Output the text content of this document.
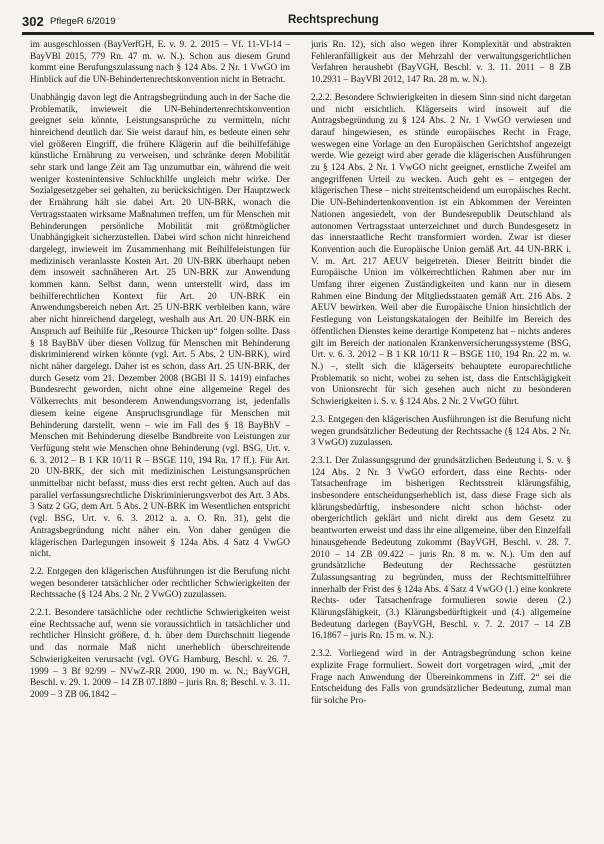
302 PflegeR 6/2019	Rechtsprechung

im ausgeschlossen (BayVerfGH, E. v. 9. 2. 2015 – Vf. 11-VI-14 – BayVBl 2015, 779 Rn. 47 m. w. N.). Schon aus diesem Grund kommt eine Berufungszulassung nach § 124 Abs. 2 Nr. 1 VwGO im Hinblick auf die UN-Behindertenrechtskonvention nicht in Betracht.

Unabhängig davon legt die Antragsbegründung auch in der Sache die Problematik, inwieweit die UN-Behindertenrechtskonvention geeignet sein könnte, Leistungsansprüche zu vermitteln, nicht hinreichend deutlich dar. Sie weist darauf hin, es bedeute einen sehr viel größeren Eingriff, die frühere Klägerin auf die beihilfefähige künstliche Ernährung zu verweisen, und schränke deren Mobilität sehr stark und lange Zeit am Tag unzumutbar ein, während die weit weniger kostenintensive Schluckhilfe ungleich mehr wirke. Der Sozialgesetzgeber sei gehalten, zu berücksichtigen. Der Hauptzweck der Ernährung hält sie dabei Art. 20 UN-BRK, wonach die Vertragsstaaten wirksame Maßnahmen treffen, um für Menschen mit Behinderungen persönliche Mobilität mit größtmöglicher Unabhängigkeit sicherzustellen. Dabei wird schon nicht hinreichend dargelegt, inwieweit im Zusammenhang mit Beihilfeleistungen für medizinisch veranlasste Kosten Art. 20 UN-BRK überhaupt neben dem insoweit sachnäheren Art. 25 UN-BRK zur Anwendung kommen kann. Selbst dann, wenn unterstellt wird, dass im beihilferechtlichen Kontext für Art. 20 UN-BRK ein Anwendungsbereich neben Art. 25 UN-BRK verbleiben kann, wäre aber nicht hinreichend dargelegt, weshalb aus Art. 20 UN-BRK ein Anspruch auf Beihilfe für „Resource Thicken up“ folgen sollte. Dass § 18 BayBhV über diesen Vollzug für Menschen mit Behinderung diskriminierend wirken könnte (vgl. Art. 5 Abs. 2 UN-BRK), wird nicht näher dargelegt. Daher ist es schon, dass Art. 25 UN-BRK, der durch Gesetz vom 21. Dezember 2008 (BGBl II S. 1419) einfaches Bundesrecht geworden, nicht ohne eine allgemeine Regel des Völkerrechts mit besonderem Anwendungsvorrang ist, jedenfalls diesem keine eigene Anspruchsgrundlage für Menschen mit Behinderung darstellt, wenn – wie im Fall des § 18 BayBhV – Menschen mit Behinderung dieselbe Bandbreite von Leistungen zur Verfügung steht wie Menschen ohne Behinderung (vgl. BSG, Urt. v. 6. 3. 2012 – B 1 KR 10/11 R – BSGE 110, 194 Rn. 17 ff.). Für Art. 20 UN-BRK, der sich mit medizinischen Leistungsansprüchen unmittelbar nicht befasst, muss dies erst recht gelten. Auch auf das parallel verfassungsrechtliche Diskriminierungsverbot des Art. 3 Abs. 3 Satz 2 GG, dem Art. 5 Abs. 2 UN-BRK im Wesentlichen entspricht (vgl. BSG, Urt. v. 6. 3. 2012 a. a. O. Rn. 31), geht die Antragsbegründung nicht näher ein. Von daher genügen die klägerischen Darlegungen insoweit § 124a Abs. 4 Satz 4 VwGO nicht.

2.2. Entgegen den klägerischen Ausführungen ist die Berufung nicht wegen besonderer tatsächlicher oder rechtlicher Schwierigkeiten der Rechtssache (§ 124 Abs. 2 Nr. 2 VwGO) zuzulassen.

2.2.1. Besondere tatsächliche oder rechtliche Schwierigkeiten weist eine Rechtssache auf, wenn sie voraussichtlich in tatsächlicher und rechtlicher Hinsicht größere, d. h. über dem Durchschnitt liegende und das normale Maß nicht unerheblich überschreitende Schwierigkeiten verursacht (vgl. OVG Hamburg, Beschl. v. 26. 7. 1999 – 3 Bf 92/99 – NVwZ-RR 2000, 190 m. w. N.; BayVGH, Beschl. v. 29. 1. 2009 – 14 ZB 07.1880 – juris Rn. 8; Beschl. v. 3. 11. 2009 – 3 ZB 06.1842 –

juris Rn. 12), sich also wegen ihrer Komplexität und abstrakten Fehleranfälligkeit aus der Mehrzahl der verwaltungsgerichtlichen Verfahren heraushebt (BayVGH, Beschl. v. 3. 11. 2011 – 8 ZB 10.2931 – BayVBl 2012, 147 Rn. 28 m. w. N.).

2.2.2. Besondere Schwierigkeiten in diesem Sinn sind nicht dargetan und nicht ersichtlich. Klägerseits wird insoweit auf die Antragsbegründung zu § 124 Abs. 2 Nr. 1 VwGO verwiesen und darauf hingewiesen, es stünde europäisches Recht in Frage, weswegen eine Vorlage an den Europäischen Gerichtshof angezeigt werde. Wie gezeigt wird aber gerade die klägerischen Ausführungen zu § 124 Abs. 2 Nr. 1 VwGO nicht geeignet, ernstliche Zweifel am angegriffenen Urteil zu wecken. Auch geht es – entgegen der klägerischen These – nicht streitentscheidend um europäisches Recht. Die UN-Behindertenkonvention ist ein Abkommen der Vereinten Nationen angesiedelt, von der Bundesrepublik Deutschland als autonomen Vertragsstaat unterzeichnet und durch Bundesgesetz in das innerstaatliche Recht transformiert worden. Zwar ist dieser Konvention auch die Europäische Union gemäß Art. 44 UN-BRK i. V. m. Art. 217 AEUV beigetreten. Dieser Beitritt bindet die Europäische Union im völkerrechtlichen Rahmen aber nur im Umfang ihrer eigenen Zuständigkeiten und kann nur in diesem Rahmen eine Bindung der Mitgliedsstaaten gemäß Art. 216 Abs. 2 AEUV bewirken. Weil aber die Europäische Union hinsichtlich der Festlegung von Leistungskatalogen der Beihilfe im Bereich des öffentlichen Dienstes keine derartige Kompetenz hat – nichts anderes gilt im Bereich der nationalen Krankenversicherungssysteme (BSG, Urt. v. 6. 3. 2012 – B 1 KR 10/11 R – BSGE 110, 194 Rn. 22 m. w. N.) –, stellt sich die klägerseits behauptete europarechtliche Problematik so nicht, wobei zu sehen ist, dass die Entschlägigkeit von Unionsrecht für sich gesehen auch nicht zu besonderen Schwierigkeiten i. S. v. § 124 Abs. 2 Nr. 2 VwGO führt.

2.3. Entgegen den klägerischen Ausführungen ist die Berufung nicht wegen grundsätzlicher Bedeutung der Rechtssache (§ 124 Abs. 2 Nr. 3 VwGO) zuzulassen.

2.3.1. Der Zulassungsgrund der grundsätzlichen Bedeutung i. S. v. § 124 Abs. 2 Nr. 3 VwGO erfordert, dass eine Rechts- oder Tatsachenfrage im bisherigen Rechtsstreit klärungsfähig, insbesondere entscheidungserheblich ist, dass diese Frage sich als klärungsbedürftig, insbesondere nicht schon höchst- oder obergerichtlich geklärt und nicht direkt aus dem Gesetz zu beantworten erweist und dass ihr eine allgemeine, über den Einzelfall hinausgehende Bedeutung zukommt (BayVGH, Beschl. v. 28. 7. 2010 – 14 ZB 09.422 – juris Rn. 8 m. w. N.). Um den auf grundsätzliche Bedeutung der Rechtssache gestützten Zulassungsantrag zu begründen, muss der Rechtsmittelführer innerhalb der Frist des § 124a Abs. 4 Satz 4 VwGO (1.) eine konkrete Rechts- oder Tatsachenfrage formulieren sowie deren (2.) Klärungsfähigkeit, (3.) Klärungsbedürftigkeit und (4.) allgemeine Bedeutung darlegen (BayVGH, Beschl. v. 7. 2. 2017 – 14 ZB 16.1867 – juris Rn. 15 m. w. N.).

2.3.2. Vorliegend wird in der Antragsbegründung schon keine explizite Frage formuliert. Soweit dort vorgetragen wird, „mit der Frage nach Anwendung der Übereinkommens in Ziff. 2“ sei die Entscheidung des Falls von grundsätzlicher Bedeutung, zumal man für solche Pro-
